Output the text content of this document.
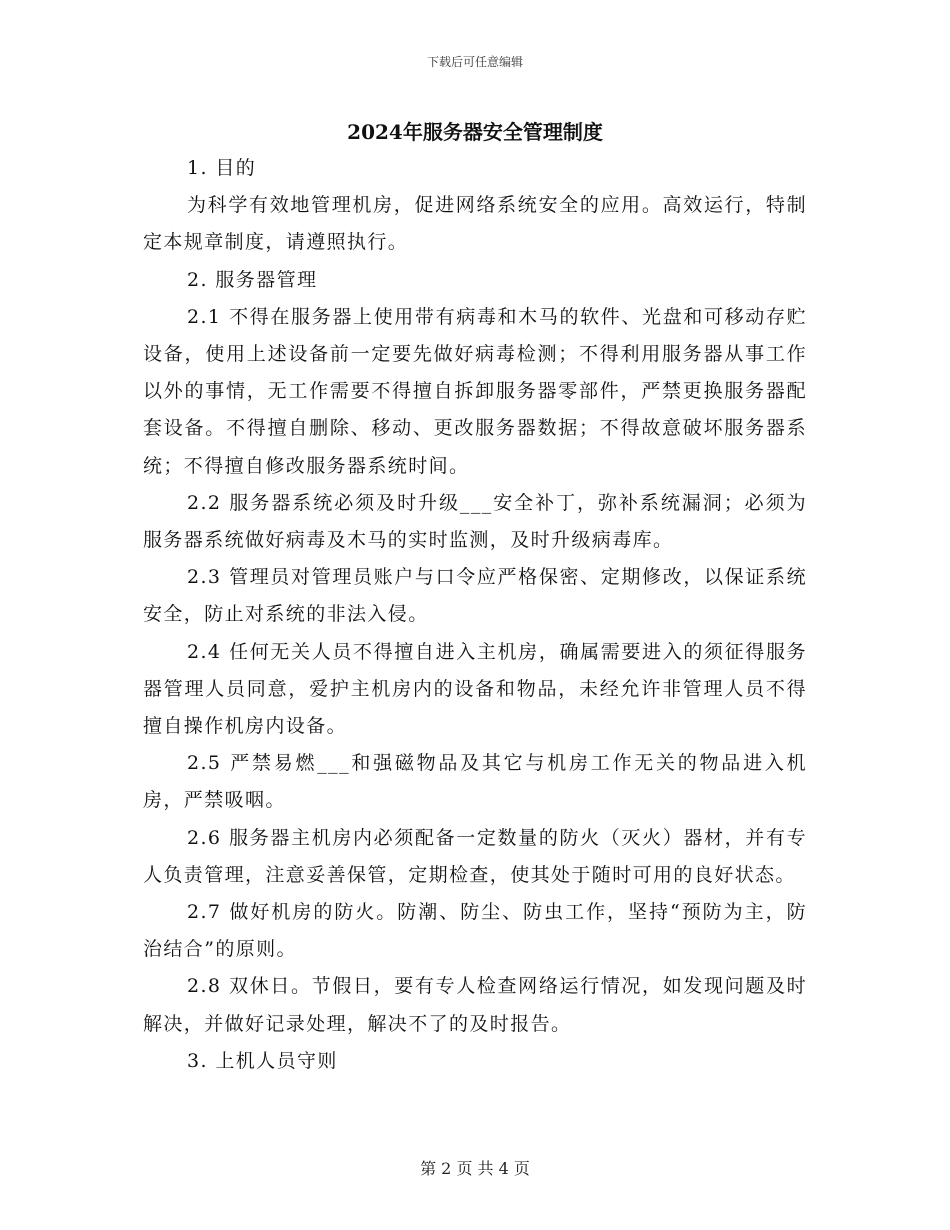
下载后可任意编辑
2024年服务器安全管理制度

1. 目的

为科学有效地管理机房，促进网络系统安全的应用。高效运行，特制定本规章制度，请遵照执行。

2. 服务器管理

2.1 不得在服务器上使用带有病毒和木马的软件、光盘和可移动存贮设备，使用上述设备前一定要先做好病毒检测；不得利用服务器从事工作以外的事情，无工作需要不得擅自拆卸服务器零部件，严禁更换服务器配套设备。不得擅自删除、移动、更改服务器数据；不得故意破坏服务器系统；不得擅自修改服务器系统时间。

2.2 服务器系统必须及时升级___安全补丁，弥补系统漏洞；必须为服务器系统做好病毒及木马的实时监测，及时升级病毒库。

2.3 管理员对管理员账户与口令应严格保密、定期修改，以保证系统安全，防止对系统的非法入侵。

2.4 任何无关人员不得擅自进入主机房，确属需要进入的须征得服务器管理人员同意，爱护主机房内的设备和物品，未经允许非管理人员不得擅自操作机房内设备。

2.5 严禁易燃___和强磁物品及其它与机房工作无关的物品进入机房，严禁吸咽。

2.6 服务器主机房内必须配备一定数量的防火（灭火）器材，并有专人负责管理，注意妥善保管，定期检查，使其处于随时可用的良好状态。

2.7 做好机房的防火。防潮、防尘、防虫工作，坚持“预防为主，防治结合”的原则。

2.8 双休日。节假日，要有专人检查网络运行情况，如发现问题及时解决，并做好记录处理，解决不了的及时报告。

3. 上机人员守则

第 2 页 共 4 页
